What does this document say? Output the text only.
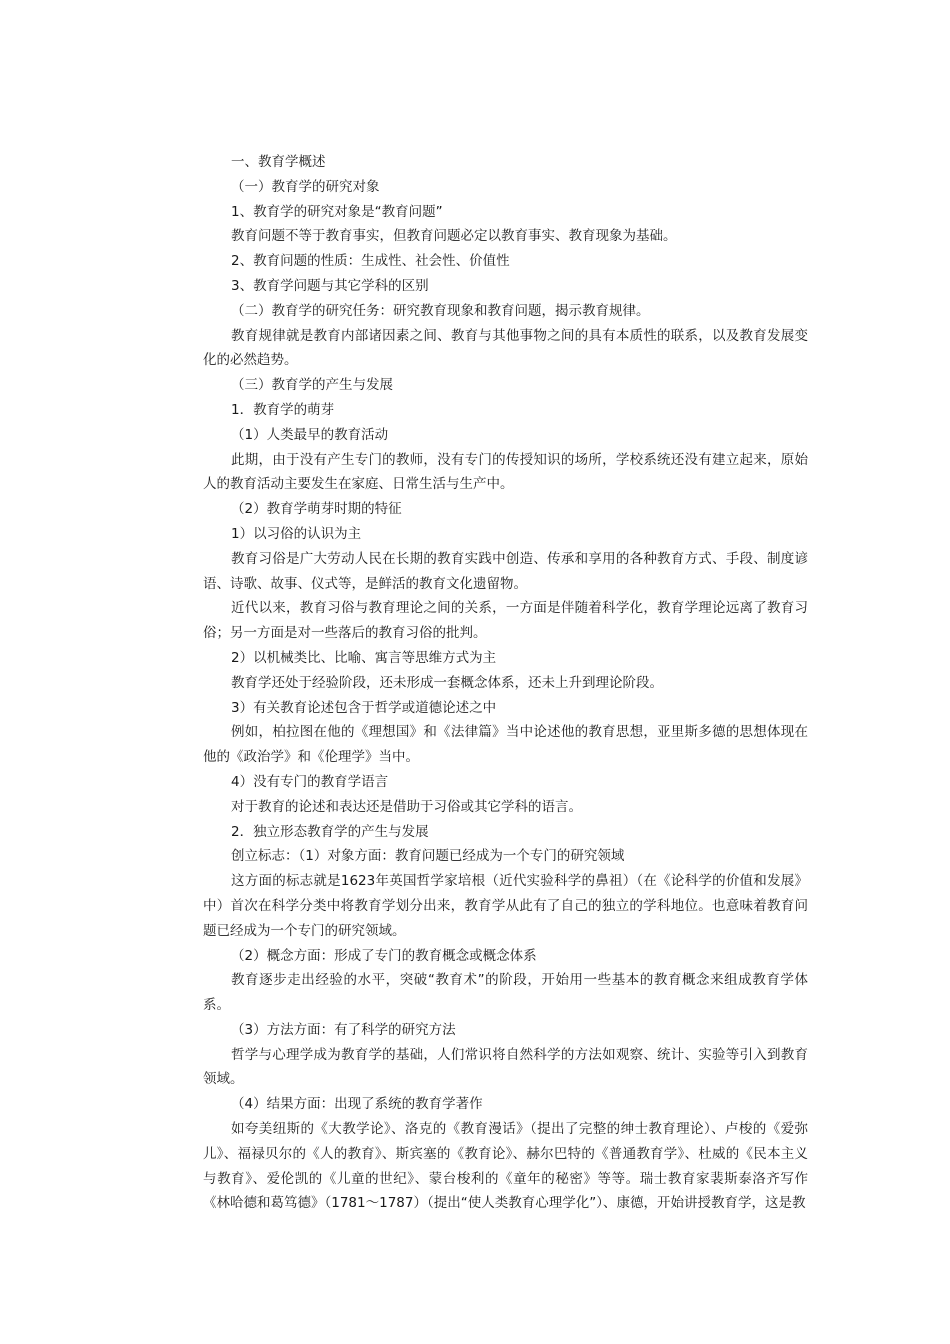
一、教育学概述

（一）教育学的研究对象

1、教育学的研究对象是“教育问题”

教育问题不等于教育事实，但教育问题必定以教育事实、教育现象为基础。

2、教育问题的性质：生成性、社会性、价值性

3、教育学问题与其它学科的区别

（二）教育学的研究任务：研究教育现象和教育问题，揭示教育规律。

教育规律就是教育内部诸因素之间、教育与其他事物之间的具有本质性的联系，以及教育发展变化的必然趋势。

（三）教育学的产生与发展

1．教育学的萌芽

（1）人类最早的教育活动

此期，由于没有产生专门的教师，没有专门的传授知识的场所，学校系统还没有建立起来，原始人的教育活动主要发生在家庭、日常生活与生产中。

（2）教育学萌芽时期的特征

1）以习俗的认识为主

教育习俗是广大劳动人民在长期的教育实践中创造、传承和享用的各种教育方式、手段、制度谚语、诗歌、故事、仪式等，是鲜活的教育文化遗留物。

近代以来，教育习俗与教育理论之间的关系，一方面是伴随着科学化，教育学理论远离了教育习俗；另一方面是对一些落后的教育习俗的批判。

2）以机械类比、比喻、寓言等思维方式为主

教育学还处于经验阶段，还未形成一套概念体系，还未上升到理论阶段。

3）有关教育论述包含于哲学或道德论述之中

例如，柏拉图在他的《理想国》和《法律篇》当中论述他的教育思想，亚里斯多德的思想体现在他的《政治学》和《伦理学》当中。

4）没有专门的教育学语言

对于教育的论述和表达还是借助于习俗或其它学科的语言。

2．独立形态教育学的产生与发展

创立标志：（1）对象方面：教育问题已经成为一个专门的研究领域

这方面的标志就是1623年英国哲学家培根（近代实验科学的鼻祖）（在《论科学的价值和发展》中）首次在科学分类中将教育学划分出来，教育学从此有了自己的独立的学科地位。也意味着教育问题已经成为一个专门的研究领域。

（2）概念方面：形成了专门的教育概念或概念体系

教育逐步走出经验的水平，突破“教育术”的阶段，开始用一些基本的教育概念来组成教育学体系。

（3）方法方面：有了科学的研究方法

哲学与心理学成为教育学的基础，人们常识将自然科学的方法如观察、统计、实验等引入到教育领域。

（4）结果方面：出现了系统的教育学著作

如夸美纽斯的《大教学论》、洛克的《教育漫话》（提出了完整的绅士教育理论）、卢梭的《爱弥儿》、福禄贝尔的《人的教育》、斯宾塞的《教育论》、赫尔巴特的《普通教育学》、杜威的《民本主义与教育》、爱伦凯的《儿童的世纪》、蒙台梭利的《童年的秘密》等等。瑞士教育家裴斯泰洛齐写作《林哈德和葛笃德》（1781～1787）（提出“使人类教育心理学化”）、康德，开始讲授教育学，这是教
